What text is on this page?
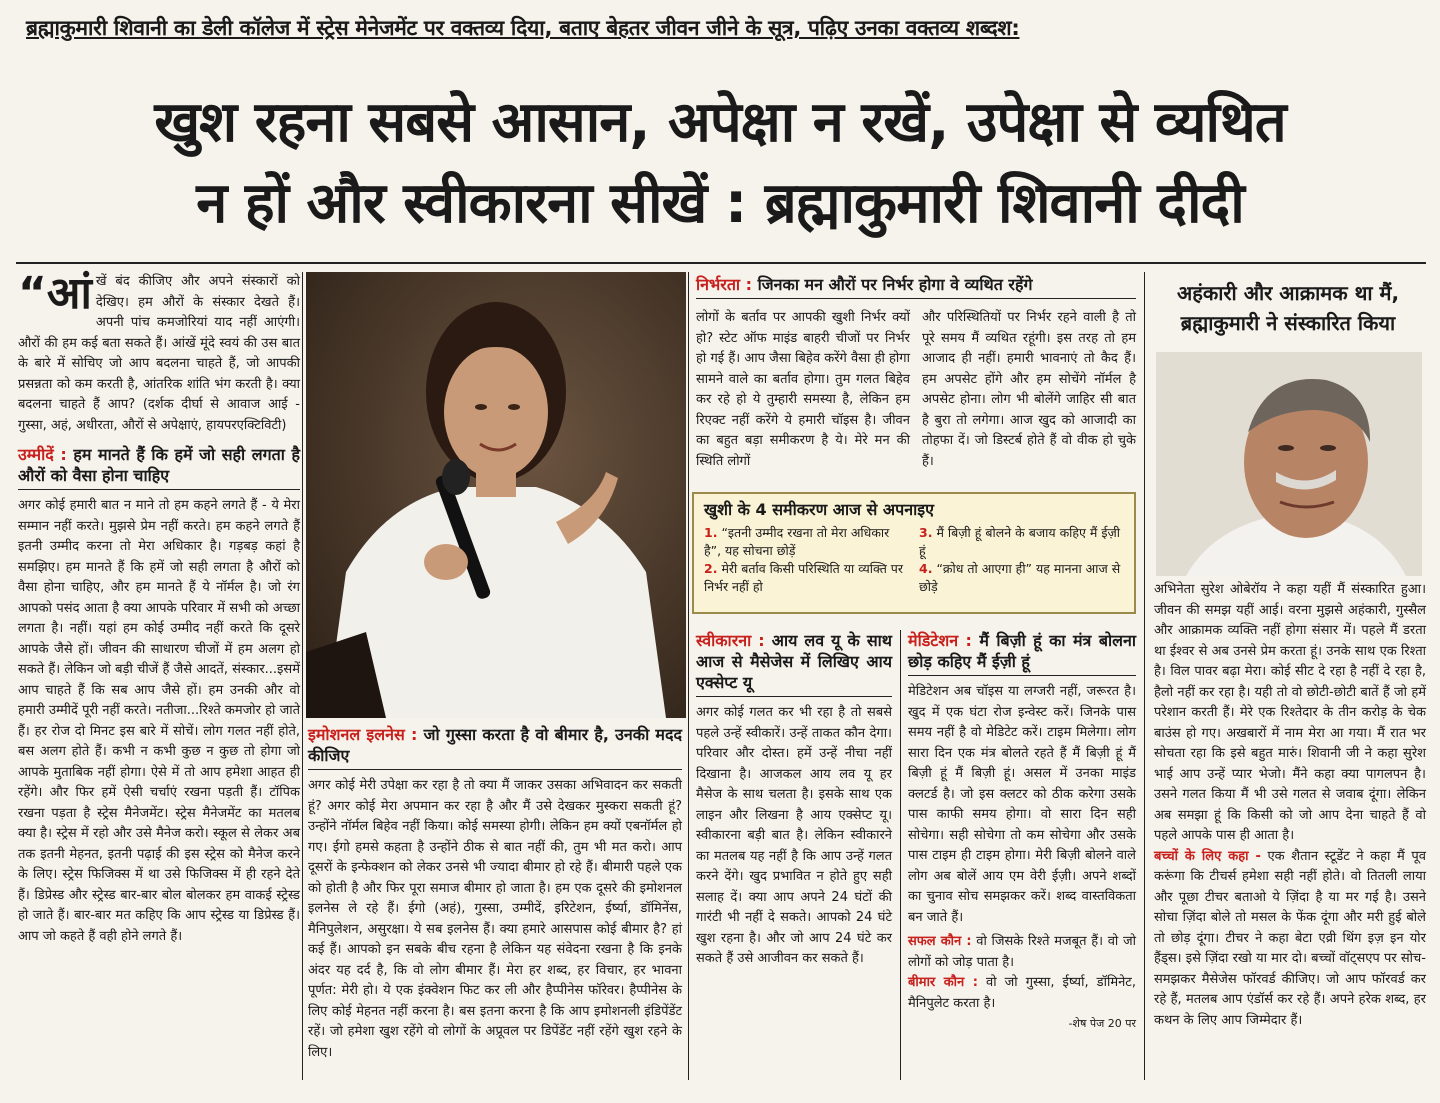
ब्रह्माकुमारी शिवानी का डेली कॉलेज में स्ट्रेस मेनेजमेंट पर वक्तव्य दिया, बताए बेहतर जीवन जीने के सूत्र, पढ़िए उनका वक्तव्य शब्दश:
खुश रहना सबसे आसान, अपेक्षा न रखें, उपेक्षा से व्यथित
न हों और स्वीकारना सीखें : ब्रह्माकुमारी शिवानी दीदी

“आंखें बंद कीजिए और अपने संस्कारों को देखिए। हम औरों के संस्कार देखते हैं। अपनी पांच कमजोरियां याद नहीं आएंगी। औरों की हम कई बता सकते हैं। आंखें मूंदे स्वयं की उस बात के बारे में सोचिए जो आप बदलना चाहते हैं, जो आपकी प्रसन्नता को कम करती है, आंतरिक शांति भंग करती है। क्या बदलना चाहते हैं आप? (दर्शक दीर्घा से आवाज आई - गुस्सा, अहं, अधीरता, औरों से अपेक्षाएं, हायपरएक्टिविटी)

उम्मीदें : हम मानते हैं कि हमें जो सही लगता है औरों को वैसा होना चाहिए

अगर कोई हमारी बात न माने तो हम कहने लगते हैं - ये मेरा सम्मान नहीं करते। मुझसे प्रेम नहीं करते। हम कहने लगते हैं इतनी उम्मीद करना तो मेरा अधिकार है। गड़बड़ कहां है समझिए। हम मानते हैं कि हमें जो सही लगता है औरों को वैसा होना चाहिए, और हम मानते हैं ये नॉर्मल है। जो रंग आपको पसंद आता है क्या आपके परिवार में सभी को अच्छा लगता है। नहीं। यहां हम कोई उम्मीद नहीं करते कि दूसरे आपके जैसे हों। जीवन की साधारण चीजों में हम अलग हो सकते हैं। लेकिन जो बड़ी चीजें हैं जैसे आदतें, संस्कार...इसमें आप चाहते हैं कि सब आप जैसे हों। हम उनकी और वो हमारी उम्मीदें पूरी नहीं करते। नतीजा...रिश्ते कमजोर हो जाते हैं। हर रोज दो मिनट इस बारे में सोचें। लोग गलत नहीं होते, बस अलग होते हैं। कभी न कभी कुछ न कुछ तो होगा जो आपके मुताबिक नहीं होगा। ऐसे में तो आप हमेशा आहत ही रहेंगे। और फिर हमें ऐसी चर्चाएं रखना पड़ती हैं। टॉपिक रखना पड़ता है स्ट्रेस मैनेजमेंट। स्ट्रेस मैनेजमेंट का मतलब क्या है। स्ट्रेस में रहो और उसे मैनेज करो। स्कूल से लेकर अब तक इतनी मेहनत, इतनी पढ़ाई की इस स्ट्रेस को मैनेज करने के लिए। स्ट्रेस फिजिक्स में था उसे फिजिक्स में ही रहने देते हैं। डिप्रेस्ड और स्ट्रेस्ड बार-बार बोल बोलकर हम वाकई स्ट्रेस्ड हो जाते हैं। बार-बार मत कहिए कि आप स्ट्रेस्ड या डिप्रेस्ड हैं। आप जो कहते हैं वही होने लगते हैं।

इमोशनल इलनेस : जो गुस्सा करता है वो बीमार है, उनकी मदद कीजिए

अगर कोई मेरी उपेक्षा कर रहा है तो क्या मैं जाकर उसका अभिवादन कर सकती हूं? अगर कोई मेरा अपमान कर रहा है और मैं उसे देखकर मुस्करा सकती हूं? उन्होंने नॉर्मल बिहेव नहीं किया। कोई समस्या होगी। लेकिन हम क्यों एबनॉर्मल हो गए। ईगो हमसे कहता है उन्होंने ठीक से बात नहीं की, तुम भी मत करो। आप दूसरों के इन्फेक्शन को लेकर उनसे भी ज्यादा बीमार हो रहे हैं। बीमारी पहले एक को होती है और फिर पूरा समाज बीमार हो जाता है। हम एक दूसरे की इमोशनल इलनेस ले रहे हैं। ईगो (अहं), गुस्सा, उम्मीदें, इरिटेशन, ईर्ष्या, डॉमिनेंस, मैनिपुलेशन, असुरक्षा। ये सब इलनेस हैं। क्या हमारे आसपास कोई बीमार है? हां कई हैं। आपको इन सबके बीच रहना है लेकिन यह संवेदना रखना है कि इनके अंदर यह दर्द है, कि वो लोग बीमार हैं। मेरा हर शब्द, हर विचार, हर भावना पूर्णत: मेरी हो। ये एक इंक्वेशन फिट कर ली और हैप्पीनेस फॉरेवर। हैप्पीनेस के लिए कोई मेहनत नहीं करना है। बस इतना करना है कि आप इमोशनली इंडिपेंडेंट रहें। जो हमेशा खुश रहेंगे वो लोगों के अप्रूवल पर डिपेंडेंट नहीं रहेंगे खुश रहने के लिए।

निर्भरता : जिनका मन औरों पर निर्भर होगा वे व्यथित रहेंगे

लोगों के बर्ताव पर आपकी खुशी निर्भर क्यों हो? स्टेट ऑफ माइंड बाहरी चीजों पर निर्भर हो गई हैं। आप जैसा बिहेव करेंगे वैसा ही होगा सामने वाले का बर्ताव होगा। तुम गलत बिहेव कर रहे हो ये तुम्हारी समस्या है, लेकिन हम रिएक्ट नहीं करेंगे ये हमारी चॉइस है। जीवन का बहुत बड़ा समीकरण है ये। मेरे मन की स्थिति लोगों

और परिस्थितियों पर निर्भर रहने वाली है तो पूरे समय मैं व्यथित रहूंगी। इस तरह तो हम आजाद ही नहीं। हमारी भावनाएं तो कैद हैं। हम अपसेट होंगे और हम सोचेंगे नॉर्मल है अपसेट होना। लोग भी बोलेंगे जाहिर सी बात है बुरा तो लगेगा। आज खुद को आजादी का तोहफा दें। जो डिस्टर्ब होते हैं वो वीक हो चुके हैं।

खुशी के 4 समीकरण आज से अपनाइए
1. “इतनी उम्मीद रखना तो मेरा अधिकार है”, यह सोचना छोड़ें
2. मेरी बर्ताव किसी परिस्थिति या व्यक्ति पर निर्भर नहीं हो
3. मैं बिज़ी हूं बोलने के बजाय कहिए मैं ईज़ी हूं
4. “क्रोध तो आएगा ही” यह मानना आज से छोड़े
स्वीकारना : आय लव यू के साथ आज से मैसेजेस में लिखिए आय एक्सेप्ट यू

अगर कोई गलत कर भी रहा है तो सबसे पहले उन्हें स्वीकारें। उन्हें ताकत कौन देगा। परिवार और दोस्त। हमें उन्हें नीचा नहीं दिखाना है। आजकल आय लव यू हर मैसेज के साथ चलता है। इसके साथ एक लाइन और लिखना है आय एक्सेप्ट यू। स्वीकारना बड़ी बात है। लेकिन स्वीकारने का मतलब यह नहीं है कि आप उन्हें गलत करने देंगे। खुद प्रभावित न होते हुए सही सलाह दें। क्या आप अपने 24 घंटों की गारंटी भी नहीं दे सकते। आपको 24 घंटे खुश रहना है। और जो आप 24 घंटे कर सकते हैं उसे आजीवन कर सकते हैं।

मेडिटेशन : मैं बिज़ी हूं का मंत्र बोलना छोड़ कहिए मैं ईज़ी हूं

मेडिटेशन अब चॉइस या लग्जरी नहीं, जरूरत है। खुद में एक घंटा रोज इन्वेस्ट करें। जिनके पास समय नहीं है वो मेडिटेट करें। टाइम मिलेगा। लोग सारा दिन एक मंत्र बोलते रहते हैं मैं बिज़ी हूं मैं बिज़ी हूं मैं बिज़ी हूं। असल में उनका माइंड क्लटर्ड है। जो इस क्लटर को ठीक करेगा उसके पास काफी समय होगा। वो सारा दिन सही सोचेगा। सही सोचेगा तो कम सोचेगा और उसके पास टाइम ही टाइम होगा। मेरी बिज़ी बोलने वाले लोग अब बोलें आय एम वेरी ईज़ी। अपने शब्दों का चुनाव सोच समझकर करें। शब्द वास्तविकता बन जाते हैं।

सफल कौन : वो जिसके रिश्ते मजबूत हैं। वो जो लोगों को जोड़ पाता है।

बीमार कौन : वो जो गुस्सा, ईर्ष्या, डॉमिनेट, मैनिपुलेट करता है।

-शेष पेज 20 पर

अहंकारी और आक्रामक था मैं, ब्रह्माकुमारी ने संस्कारित किया

अभिनेता सुरेश ओबेरॉय ने कहा यहीं मैं संस्कारित हुआ। जीवन की समझ यहीं आई। वरना मुझसे अहंकारी, गुस्सैल और आक्रामक व्यक्ति नहीं होगा संसार में। पहले मैं डरता था ईश्वर से अब उनसे प्रेम करता हूं। उनके साथ एक रिश्ता है। विल पावर बढ़ा मेरा। कोई सीट दे रहा है नहीं दे रहा है, हैलो नहीं कर रहा है। यही तो वो छोटी-छोटी बातें हैं जो हमें परेशान करती हैं। मेरे एक रिश्तेदार के तीन करोड़ के चेक बाउंस हो गए। अखबारों में नाम मेरा आ गया। मैं रात भर सोचता रहा कि इसे बहुत मारुं। शिवानी जी ने कहा सुरेश भाई आप उन्हें प्यार भेजो। मैंने कहा क्या पागलपन है। उसने गलत किया मैं भी उसे गलत से जवाब दूंगा। लेकिन अब समझा हूं कि किसी को जो आप देना चाहते हैं वो पहले आपके पास ही आता है।

बच्चों के लिए कहा - एक शैतान स्टूडेंट ने कहा मैं पूव करूंगा कि टीचर्स हमेशा सही नहीं होते। वो तितली लाया और पूछा टीचर बताओ ये ज़िंदा है या मर गई है। उसने सोचा ज़िंदा बोले तो मसल के फेंक दूंगा और मरी हुई बोले तो छोड़ दूंगा। टीचर ने कहा बेटा एव्री थिंग इज़ इन योर हैंड्स। इसे ज़िंदा रखो या मार दो। बच्चों वॉट्सएप पर सोच-समझकर मैसेजेस फॉरवर्ड कीजिए। जो आप फॉरवर्ड कर रहे हैं, मतलब आप एंडॉर्स कर रहे हैं। अपने हरेक शब्द, हर कथन के लिए आप जिम्मेदार हैं।
